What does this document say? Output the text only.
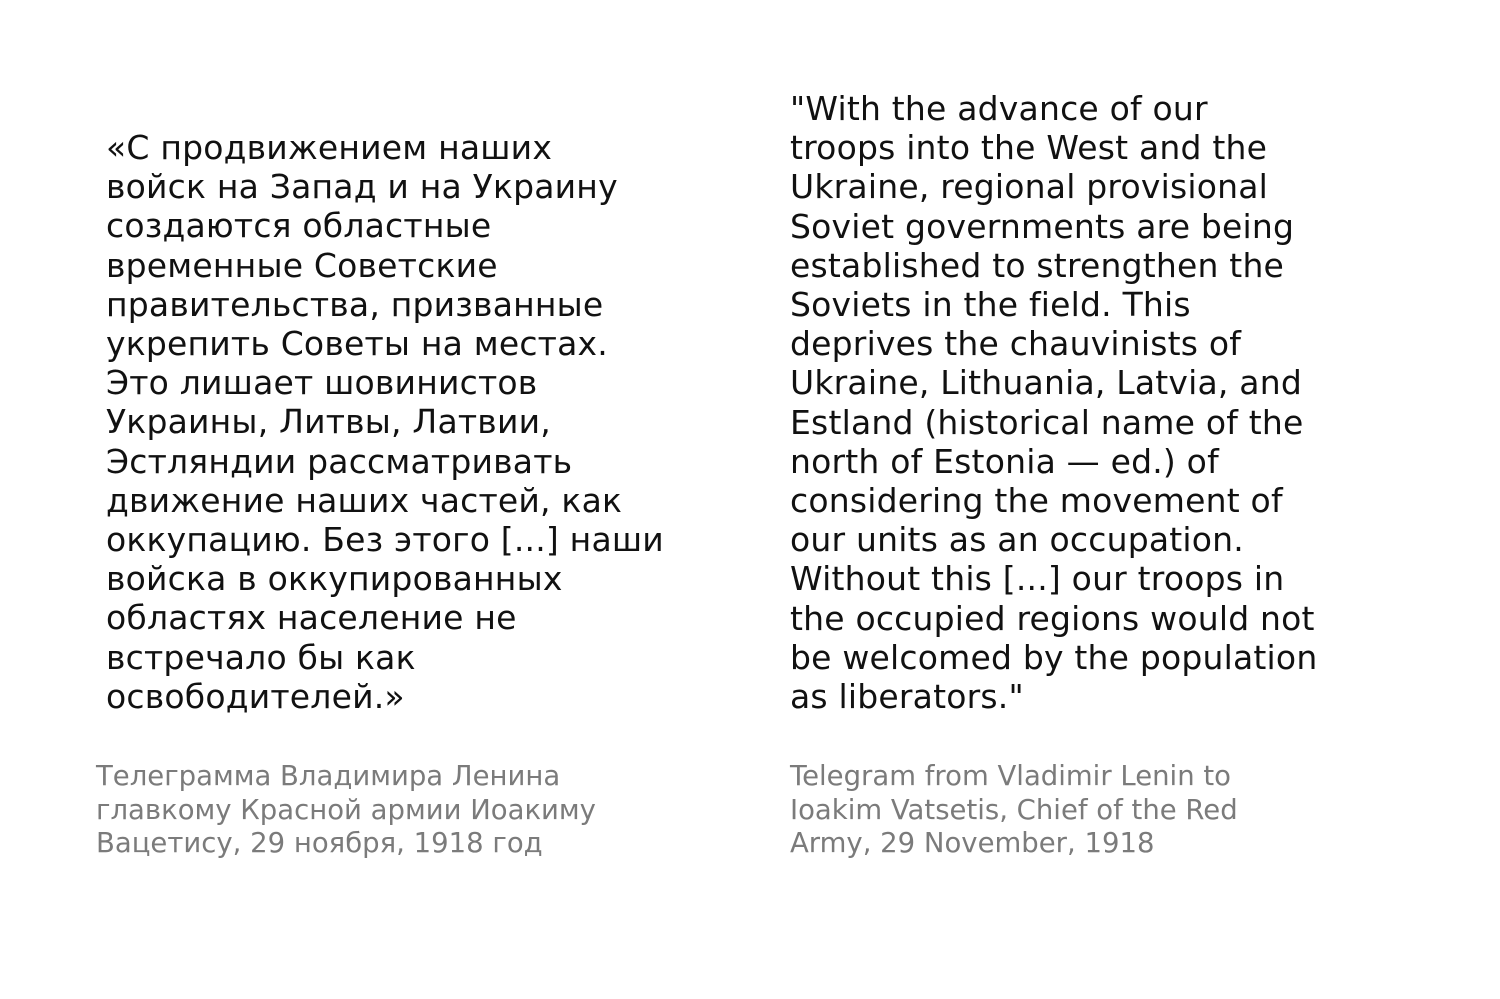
«С продвижением наших
войск на Запад и на Украину
создаются областные
временные Советские
правительства, призванные
укрепить Советы на местах.
Это лишает шовинистов
Украины, Литвы, Латвии,
Эстляндии рассматривать
движение наших частей, как
оккупацию. Без этого [...] наши
войска в оккупированных
областях население не
встречало бы как
освободителей.»
"With the advance of our
troops into the West and the
Ukraine, regional provisional
Soviet governments are being
established to strengthen the
Soviets in the field. This
deprives the chauvinists of
Ukraine, Lithuania, Latvia, and
Estland (historical name of the
north of Estonia — ed.) of
considering the movement of
our units as an occupation.
Without this [...] our troops in
the occupied regions would not
be welcomed by the population
as liberators."
Телеграмма Владимира Ленина
главкому Красной армии Иоакиму
Вацетису, 29 ноября, 1918 год
Telegram from Vladimir Lenin to
Ioakim Vatsetis, Chief of the Red
Army, 29 November, 1918
